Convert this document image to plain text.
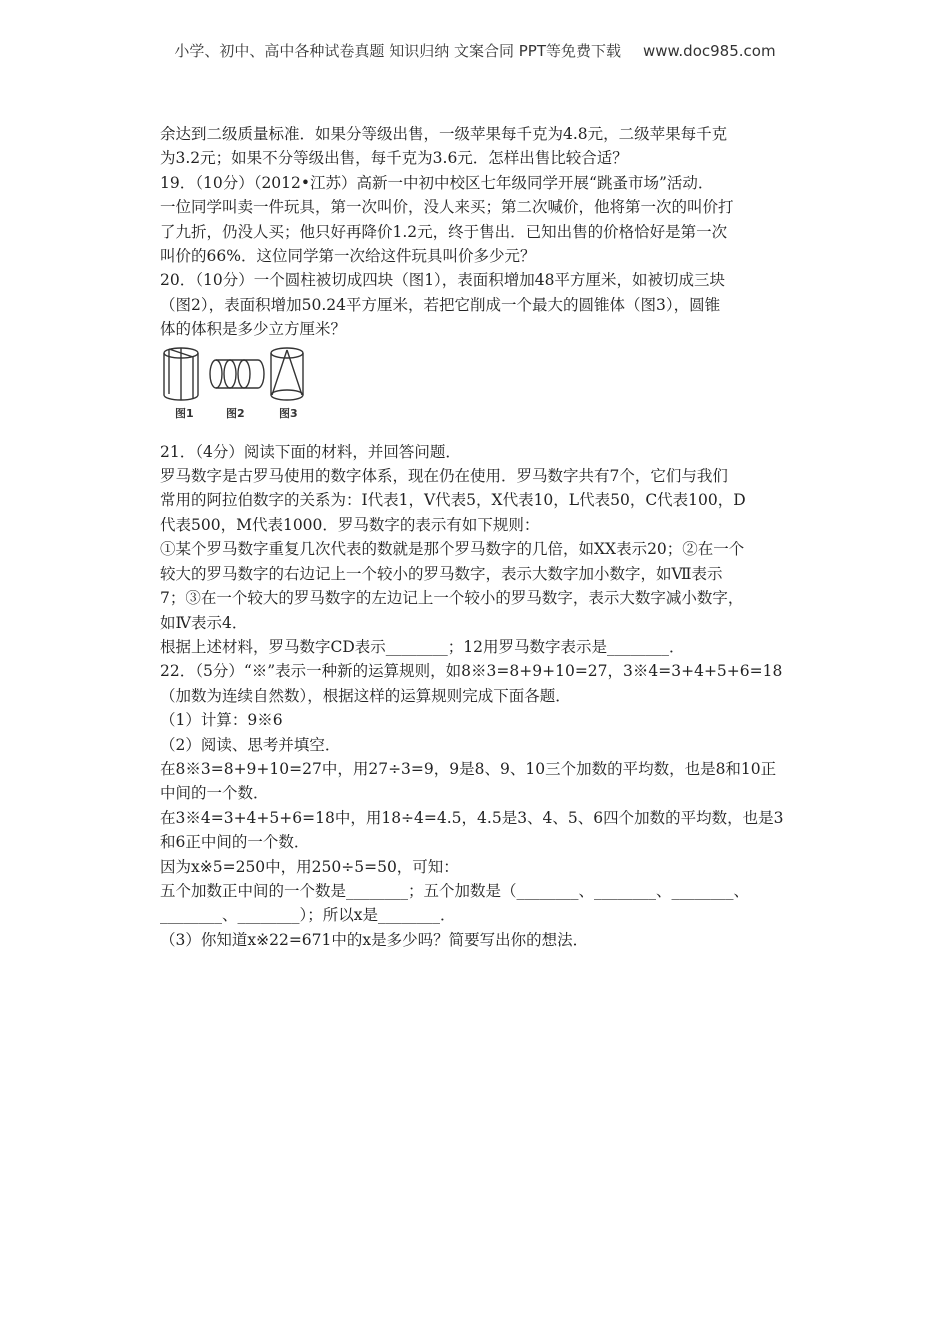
小学、初中、高中各种试卷真题 知识归纳 文案合同 PPT等免费下载 www.doc985.com

余达到二级质量标准．如果分等级出售，一级苹果每千克为4.8元，二级苹果每千克

为3.2元；如果不分等级出售，每千克为3.6元．怎样出售比较合适？

19．（10分）（2012•江苏）高新一中初中校区七年级同学开展“跳蚤市场”活动．

一位同学叫卖一件玩具，第一次叫价，没人来买；第二次喊价，他将第一次的叫价打

了九折，仍没人买；他只好再降价1.2元，终于售出．已知出售的价格恰好是第一次

叫价的66%．这位同学第一次给这件玩具叫价多少元？

20．（10分）一个圆柱被切成四块（图1），表面积增加48平方厘米，如被切成三块

（图2），表面积增加50.24平方厘米，若把它削成一个最大的圆锥体（图3），圆锥

体的体积是多少立方厘米？

图1	图2	图3

21．（4分）阅读下面的材料，并回答问题．

罗马数字是古罗马使用的数字体系，现在仍在使用．罗马数字共有7个，它们与我们

常用的阿拉伯数字的关系为：I代表1，V代表5，X代表10，L代表50，C代表100，D

代表500，M代表1000．罗马数字的表示有如下规则：

①某个罗马数字重复几次代表的数就是那个罗马数字的几倍，如XX表示20；②在一个

较大的罗马数字的右边记上一个较小的罗马数字，表示大数字加小数字，如Ⅶ表示

7；③在一个较大的罗马数字的左边记上一个较小的罗马数字，表示大数字减小数字，

如Ⅳ表示4．

根据上述材料，罗马数字CD表示________；12用罗马数字表示是________．

22．（5分）“※”表示一种新的运算规则，如8※3=8+9+10=27，3※4=3+4+5+6=18

（加数为连续自然数），根据这样的运算规则完成下面各题．

（1）计算：9※6

（2）阅读、思考并填空．

在8※3=8+9+10=27中，用27÷3=9，9是8、9、10三个加数的平均数，也是8和10正

中间的一个数．

在3※4=3+4+5+6=18中，用18÷4=4.5，4.5是3、4、5、6四个加数的平均数，也是3

和6正中间的一个数．

因为x※5=250中，用250÷5=50，可知：

五个加数正中间的一个数是________；五个加数是（________、________、________、

________、________）；所以x是________．

（3）你知道x※22=671中的x是多少吗？简要写出你的想法．
